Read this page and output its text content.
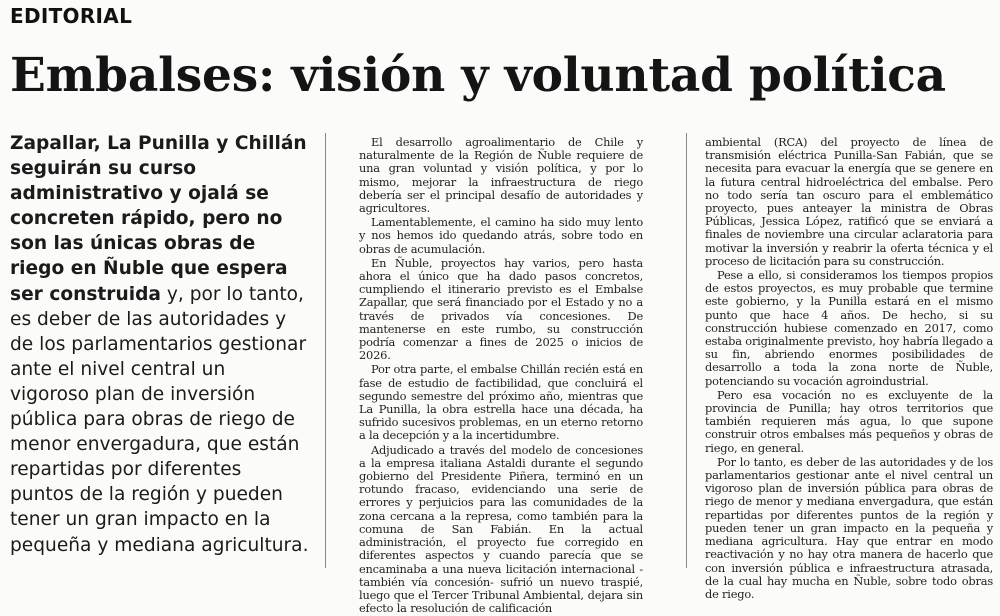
EDITORIAL
Embalses: visión y voluntad política
Zapallar, La Punilla y Chillán seguirán su curso administrativo y ojalá se concreten rápido, pero no son las únicas obras de riego en Ñuble que espera ser construida y, por lo tanto, es deber de las autoridades y de los parlamentarios gestionar ante el nivel central un vigoroso plan de inversión pública para obras de riego de menor envergadura, que están repartidas por diferentes puntos de la región y pueden tener un gran impacto en la pequeña y mediana agricultura.

El desarrollo agroalimentario de Chile y naturalmente de la Región de Ñuble requiere de una gran voluntad y visión política, y por lo mismo, mejorar la infraestructura de riego debería ser el principal desafío de autoridades y agricultores.

Lamentablemente, el camino ha sido muy lento y nos hemos ido quedando atrás, sobre todo en obras de acumulación.

En Ñuble, proyectos hay varios, pero hasta ahora el único que ha dado pasos concretos, cumpliendo el itinerario previsto es el Embalse Zapallar, que será financiado por el Estado y no a través de privados vía concesiones. De mantenerse en este rumbo, su construcción podría comenzar a fines de 2025 o inicios de 2026.

Por otra parte, el embalse Chillán recién está en fase de estudio de factibilidad, que concluirá el segundo semestre del próximo año, mientras que La Punilla, la obra estrella hace una década, ha sufrido sucesivos problemas, en un eterno retorno a la decepción y a la incertidumbre.

Adjudicado a través del modelo de concesiones a la empresa italiana Astaldi durante el segundo gobierno del Presidente Piñera, terminó en un rotundo fracaso, evidenciando una serie de errores y perjuicios para las comunidades de la zona cercana a la represa, como también para la comuna de San Fabián. En la actual administración, el proyecto fue corregido en diferentes aspectos y cuando parecía que se encaminaba a una nueva licitación internacional -también vía concesión- sufrió un nuevo traspié, luego que el Tercer Tribunal Ambiental, dejara sin efecto la resolución de calificación

ambiental (RCA) del proyecto de línea de transmisión eléctrica Punilla-San Fabián, que se necesita para evacuar la energía que se genere en la futura central hidroeléctrica del embalse. Pero no todo sería tan oscuro para el emblemático proyecto, pues anteayer la ministra de Obras Públicas, Jessica López, ratificó que se enviará a finales de noviembre una circular aclaratoria para motivar la inversión y reabrir la oferta técnica y el proceso de licitación para su construcción.

Pese a ello, si consideramos los tiempos propios de estos proyectos, es muy probable que termine este gobierno, y la Punilla estará en el mismo punto que hace 4 años. De hecho, si su construcción hubiese comenzado en 2017, como estaba originalmente previsto, hoy habría llegado a su fin, abriendo enormes posibilidades de desarrollo a toda la zona norte de Ñuble, potenciando su vocación agroindustrial.

Pero esa vocación no es excluyente de la provincia de Punilla; hay otros territorios que también requieren más agua, lo que supone construir otros embalses más pequeños y obras de riego, en general.

Por lo tanto, es deber de las autoridades y de los parlamentarios gestionar ante el nivel central un vigoroso plan de inversión pública para obras de riego de menor y mediana envergadura, que están repartidas por diferentes puntos de la región y pueden tener un gran impacto en la pequeña y mediana agricultura. Hay que entrar en modo reactivación y no hay otra manera de hacerlo que con inversión pública e infraestructura atrasada, de la cual hay mucha en Ñuble, sobre todo obras de riego.
